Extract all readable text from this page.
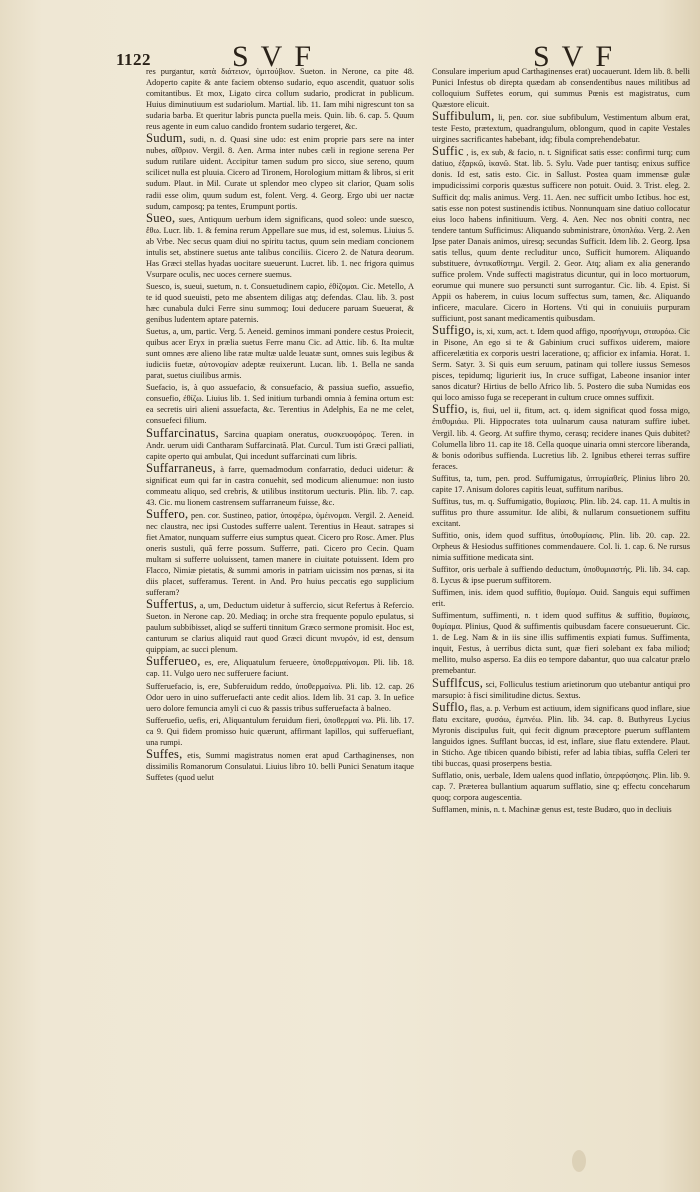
1122	SVF	SVF

res purgantur, κατὰ διάτειον, ὑμιτούβιον. Sueton. in Nerone, ca pite 48. Adoperto capite & ante faciem obtenso sudario, equo ascendit, quatuor solis comitantibus. Et mox, Ligato circa collum sudario, prodicrat in publicum. Huius diminutiuum est sudariolum. Martial. lib. 11. Iam mihi nigrescunt ton sa sudaria barba. Et queritur labris puncta puella meis. Quin. lib. 6. cap. 5. Quum reus agente in eum caluo candido frontem sudario tergeret, &c.

Sudum, sudi, n. d. Quasi sine udo: est enim proprie pars sere na inter nubes, αἴθριον. Vergil. 8. Aen. Arma inter nubes cæli in regione serena Per sudum rutilare uident. Accipitur tamen sudum pro sicco, siue sereno, quum scilicet nulla est pluuia. Cicero ad Tironem, Horologium mittam & libros, si erit sudum. Plaut. in Mil. Curate ut splendor meo clypeo sit clarior, Quam solis radii esse olim, quum sudum est, folent. Verg. 4. Georg. Ergo ubi uer nactæ sudum, camposq; pa tentes, Erumpunt portis.

Sueo, sues, Antiquum uerbum idem significans, quod soleo: unde suesco, ἔθω. Lucr. lib. 1. & femina rerum Appellare sue mus, id est, solemus. Liuius 5. ab Vrbe. Nec secus quam diui no spiritu tactus, quum sein mediam concionem intulis set, abstinere suetus ante talibus conciliis. Cicero 2. de Natura deorum. Has Græci stellas hyadas uocitare sueuerunt. Lucret. lib. 1. nec frigora quimus Vsurpare oculis, nec uoces cernere suemus.

Suesco, is, sueui, suetum, n. t. Consuetudinem capio, ἐθίζομαι. Cic. Metello, A te id quod sueuisti, peto me absentem diligas atq; defendas. Clau. lib. 3. post hæc cunabula dulci Ferre sinu summoq; Ioui deducere paruam Sueuerat, & genibus ludentem aptare paternis.

Suetus, a, um, partic. Verg. 5. Aeneid. geminos immani pondere cestus Proiecit, quibus acer Eryx in prælia suetus Ferre manu Cic. ad Attic. lib. 6. Ita multæ sunt omnes ære alieno libe ratæ multæ ualde leuatæ sunt, omnes suis legibus & iudiciis fuetæ, αὐτονομίαν adeptæ reuixerunt. Lucan. lib. 1. Bella ne sanda parat, suetus ciuilibus armis.

Suefacio, is, à quo assuefacio, & consuefacio, & passiua suefio, assuefio, consuefio, ἐθίζω. Liuius lib. 1. Sed initium turbandi omnia à femina ortum est: ea secretis uiri alieni assuefacta, &c. Terentius in Adelphis, Ea ne me celet, consuefeci filium.

Suffarcinatus, Sarcina quapiam oneratus, συσκευοφόρος. Teren. in Andr. uerum uidi Cantharam Suffarcinatã. Plat. Curcul. Tum isti Græci palliati, capite operto qui ambulat, Qui incedunt suffarcinati cum libris.

Suffarraneus, à farre, quemadmodum confarratio, deduci uidetur: & significat eum qui far in castra conuehit, sed modicum alienumue: non iusto commeatu aliquo, sed crebris, & utilibus institorum uecturis. Plin. lib. 7. cap. 43. Cic. mu lionem castrensem suffarraneum fuisse, &c.

Suffero, pen. cor. Sustineo, patior, ὑποφέρω, ὑμέινομαι. Vergil. 2. Aeneid. nec claustra, nec ipsi Custodes sufferre ualent. Terentius in Heaut. satrapes si fiet Amator, nunquam sufferre eius sumptus queat. Cicero pro Rosc. Amer. Plus oneris sustuli, quã ferre possum. Sufferre, pati. Cicero pro Cecin. Quam multam si sufferre uoluissent, tamen manere in ciuitate potuissent. Idem pro Flacco, Nimiæ pietatis, & summi amoris in patriam uicissim nos pœnas, si ita diis placet, sufferamus. Terent. in And. Pro huius peccatis ego supplicium sufferam?

Suffertus, a, um, Deductum uidetur à suffercio, sicut Refertus à Refercio. Sueton. in Nerone cap. 20. Mediaq; in orche stra frequente populo epulatus, si paulum subbibisset, aliqd se sufferti tinnitum Græco sermone promisit. Hoc est, canturum se clarius aliquid raut quod Græci dicunt πινυρόν, id est, densum quippiam, ac succi plenum.

Sufferueo, es, ere, Aliquatulum ferueere, ὑποθερμαίνομαι. Pli. lib. 18. cap. 11. Vulgo uero nec sufferuere faciunt.

Sufferuefacio, is, ere, Subferuidum reddo, ὑποθερμαίνω. Pli. lib. 12. cap. 26 Odor uero in uino sufferuefacti ante cedit alios. Idem lib. 31 cap. 3. In uefice uero dolore femuncia amyli ci cuo & passis tribus sufferuefacta à balneo.

Sufferuefio, uefis, eri, Aliquantulum feruidum fieri, ὑποθερμαί νω. Pli. lib. 17. ca 9. Qui fidem promisso huic quærunt, affirmant lapillos, qui sufferuefiant, una rumpi.

Suffes, etis, Summi magistratus nomen erat apud Carthaginenses, non dissimilis Romanorum Consulatui. Liuius libro 10. belli Punici Senatum itaque Suffetes (quod uelut

Consulare imperium apud Carthaginenses erat) uocauerunt. Idem lib. 8. belli Punici Infestus ob direpta quædam ab consendentibus naues militibus ad colloquium Suffetes eorum, qui summus Pœnis est magistratus, cum Quæstore elicuit.

Suffibulum, li, pen. cor. siue subfibulum, Vestimentum album erat, teste Festo, prætextum, quadrangulum, oblongum, quod in capite Vestales uirgines sacrificantes habebant, idq; fibula comprehendebatur.

Suffic , is, ex sub, & facio, n. t. Significat satis esse: confirmi turq; cum datiuo, ἐξαρκῶ, ἱκανῶ. Stat. lib. 5. Sylu. Vade puer tantisq; enixus suffice donis. Id est, satis esto. Cic. in Sallust. Postea quam immensæ gulæ impudicissimi corporis quæstus sufficere non potuit. Ouid. 3. Trist. eleg. 2. Sufficit dq; malis animus. Verg. 11. Aen. nec sufficit umbo Ictibus. hoc est, satis esse non potest sustinendis ictibus. Nonnunquam sine datiuo collocatur eius loco habens infinitiuum. Verg. 4. Aen. Nec nos obniti contra, nec tendere tantum Sufficimus: Aliquando subministrare, ὑποπλάω. Verg. 2. Aen Ipse pater Danais animos, uiresq; secundas Sufficit. Idem lib. 2. Georg. Ipsa satis tellus, quum dente recluditur unco, Sufficit humorem. Aliquando substituere, ἀντικαθίστημι. Vergil. 2. Geor. Atq; aliam ex alia generando suffice prolem. Vnde suffecti magistratus dicuntur, qui in loco mortuorum, eorumue qui munere suo persuncti sunt surrogantur. Cic. lib. 4. Epist. Si Appii os haberem, in cuius locum suffectus sum, tamen, &c. Aliquando inficere, maculare. Cicero in Hortens. Vti qui in conuiuiis purpuram sufficiunt, post sanant medicamentis quibusdam.

Suffigo, is, xi, xum, act. t. Idem quod affigo, προσήγνυμι, σταυρόω. Cic in Pisone, An ego si te & Gabinium cruci suffixos uiderem, maiore afficerelætitia ex corporis uestri laceratione, q; afficior ex infamia. Horat. 1. Serm. Satyr. 3. Si quis eum seruum, patinam qui tollere iussus Semesos pisces, tepidumq; ligurierit ius, In cruce suffigat, Labeone insanior inter sanos dicatur? Hirtius de bello Africo lib. 5. Postero die suba Numidas eos qui loco amisso fuga se receperant in cultum cruce omnes suffixit.

Suffio, is, fiui, uel ii, fitum, act. q. idem significat quod fossa migo, ἐπιθυμιάω. Pli. Hippocrates tota uulnarum causa naturam suffire iubet. Vergil. lib. 4. Georg. At suffire thymo, cerasq; recidere inanes Quis dubitet? Columella libro 11. cap ite 18. Cella quoque uinaria omni stercore liberanda, & bonis odoribus suffienda. Lucretius lib. 2. Ignibus etherei terras suffire feraces.

Suffitus, ta, tum, pen. prod. Suffumigatus, ὑπτυμίαθείς. Plinius libro 20. capite 17. Anisum dolores capitis leuat, suffitum naribus.

Suffitus, tus, m. q. Suffumigatio, θυμίασις. Plin. lib. 24. cap. 11. A multis in suffitus pro thure assumitur. Ide alibi, & nullarum consuetionem suffitu excitant.

Suffitio, onis, idem quod suffitus, ὑποθυμίασις. Plin. lib. 20. cap. 22. Orpheus & Hesiodus suffitiones commendauere. Col. li. 1. cap. 6. Ne rursus nimia suffitione medicata sint.

Suffitor, oris uerbale à suffiendo deductum, ὑποθυμιαστής. Pli. lib. 34. cap. 8. Lycus & ipse puerum suffitorem.

Suffimen, inis. idem quod suffitio, θυμίαμα. Ouid. Sanguis equi suffimen erit.

Suffimentum, suffimenti, n. t idem quod suffitus & suffitio, θυμίασις, θυμίαμα. Plinius, Quod & suffimentis quibusdam facere consueuerunt. Cic. 1. de Leg. Nam & in iis sine illis suffimentis expiati fumus. Suffimenta, inquit, Festus, à uerribus dicta sunt, quæ fieri solebant ex faba miliod; mellito, mulso asperso. Ea diis eo tempore dabantur, quo uua calcatur prælo premebantur.

Sufflfcus, sci, Folliculus testium arietinorum quo utebantur antiqui pro marsupio: à fisci similitudine dictus. Sextus.

Sufflo, flas, a. p. Verbum est actiuum, idem significans quod inflare, siue flatu excitare, φυσάω, ἐμπνέω. Plin. lib. 34. cap. 8. Buthyreus Lycius Myronis discipulus fuit, qui fecit dignum præceptore puerum sufflantem languidos ignes. Sufflant buccas, id est, inflare, siue flatu extendere. Plaut. in Sticho. Age tibicen quando bibisti, refer ad labia tibias, suffla Celeri ter tibi buccas, quasi proserpens bestia.

Sufflatio, onis, uerbale, Idem ualens quod inflatio, ὑπερφύσησις. Plin. lib. 9. cap. 7. Præterea bullantium aquarum sufflatio, sine q; effectu conceharum quoq; corpora augescentia.

Sufflamen, minis, n. t. Machinæ genus est, teste Budæo, quo in decliuis
